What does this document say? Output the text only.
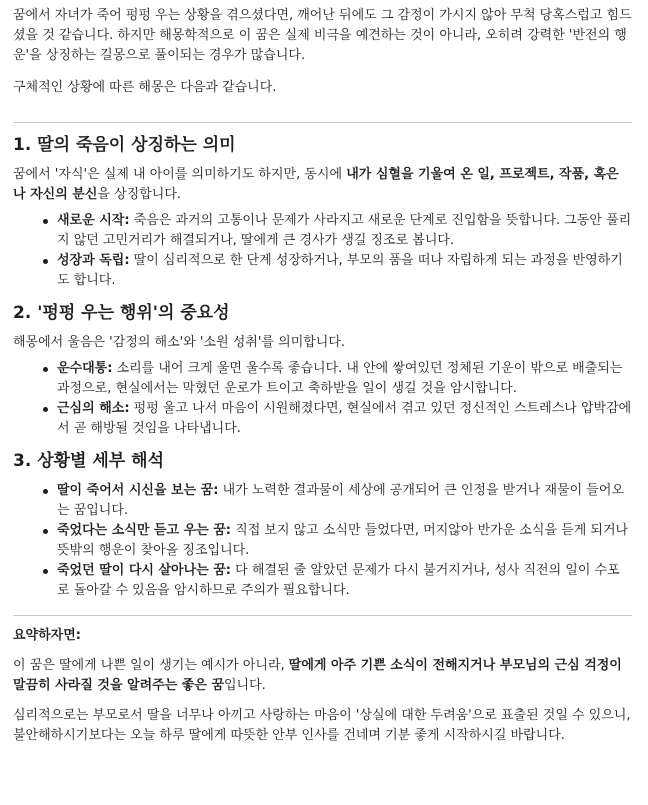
꿈에서 자녀가 죽어 펑펑 우는 상황을 겪으셨다면, 깨어난 뒤에도 그 감정이 가시지 않아 무척 당혹스럽고 힘드셨을 것 같습니다. 하지만 해몽학적으로 이 꿈은 실제 비극을 예견하는 것이 아니라, 오히려 강력한 '반전의 행운'을 상징하는 길몽으로 풀이되는 경우가 많습니다.

구체적인 상황에 따른 해몽은 다음과 같습니다.

1. 딸의 죽음이 상징하는 의미

꿈에서 '자식'은 실제 내 아이를 의미하기도 하지만, 동시에 내가 심혈을 기울여 온 일, 프로젝트, 작품, 혹은 나 자신의 분신을 상징합니다.

새로운 시작: 죽음은 과거의 고통이나 문제가 사라지고 새로운 단계로 진입함을 뜻합니다. 그동안 풀리지 않던 고민거리가 해결되거나, 딸에게 큰 경사가 생길 징조로 봅니다.
성장과 독립: 딸이 심리적으로 한 단계 성장하거나, 부모의 품을 떠나 자립하게 되는 과정을 반영하기도 합니다.
2. '펑펑 우는 행위'의 중요성

해몽에서 울음은 '감정의 해소'와 '소원 성취'를 의미합니다.

운수대통: 소리를 내어 크게 울면 울수록 좋습니다. 내 안에 쌓여있던 정체된 기운이 밖으로 배출되는 과정으로, 현실에서는 막혔던 운로가 트이고 축하받을 일이 생길 것을 암시합니다.
근심의 해소: 펑펑 울고 나서 마음이 시원해졌다면, 현실에서 겪고 있던 정신적인 스트레스나 압박감에서 곧 해방될 것임을 나타냅니다.
3. 상황별 세부 해석
딸이 죽어서 시신을 보는 꿈: 내가 노력한 결과물이 세상에 공개되어 큰 인정을 받거나 재물이 들어오는 꿈입니다.
죽었다는 소식만 듣고 우는 꿈: 직접 보지 않고 소식만 들었다면, 머지않아 반가운 소식을 듣게 되거나 뜻밖의 행운이 찾아올 징조입니다.
죽었던 딸이 다시 살아나는 꿈: 다 해결된 줄 알았던 문제가 다시 불거지거나, 성사 직전의 일이 수포로 돌아갈 수 있음을 암시하므로 주의가 필요합니다.

요약하자면:

이 꿈은 딸에게 나쁜 일이 생기는 예시가 아니라, 딸에게 아주 기쁜 소식이 전해지거나 부모님의 근심 걱정이 말끔히 사라질 것을 알려주는 좋은 꿈입니다.

심리적으로는 부모로서 딸을 너무나 아끼고 사랑하는 마음이 '상실에 대한 두려움'으로 표출된 것일 수 있으니, 불안해하시기보다는 오늘 하루 딸에게 따뜻한 안부 인사를 건네며 기분 좋게 시작하시길 바랍니다.
